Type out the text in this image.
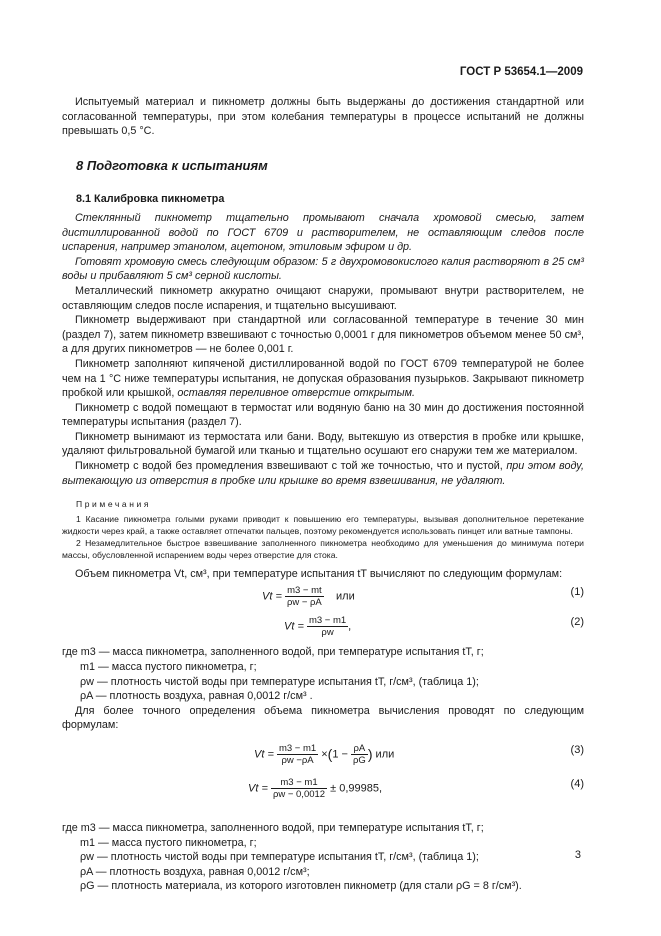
ГОСТ Р 53654.1—2009

Испытуемый материал и пикнометр должны быть выдержаны до достижения стандартной или согласованной температуры, при этом колебания температуры в процессе испытаний не должны превышать 0,5 °С.

8 Подготовка к испытаниям

8.1 Калибровка пикнометра

Стеклянный пикнометр тщательно промывают сначала хромовой смесью, затем дистиллированной водой по ГОСТ 6709 и растворителем, не оставляющим следов после испарения, например этанолом, ацетоном, этиловым эфиром и др.

Готовят хромовую смесь следующим образом: 5 г двухромовокислого калия растворяют в 25 см³ воды и прибавляют 5 см³ серной кислоты.

Металлический пикнометр аккуратно очищают снаружи, промывают внутри растворителем, не оставляющим следов после испарения, и тщательно высушивают.

Пикнометр выдерживают при стандартной или согласованной температуре в течение 30 мин (раздел 7), затем пикнометр взвешивают с точностью 0,0001 г для пикнометров объемом менее 50 см³, а для других пикнометров — не более 0,001 г.

Пикнометр заполняют кипяченой дистиллированной водой по ГОСТ 6709 температурой не более чем на 1 °С ниже температуры испытания, не допуская образования пузырьков. Закрывают пикнометр пробкой или крышкой, оставляя переливное отверстие открытым.

Пикнометр с водой помещают в термостат или водяную баню на 30 мин до достижения постоянной температуры испытания (раздел 7).

Пикнометр вынимают из термостата или бани. Воду, вытекшую из отверстия в пробке или крышке, удаляют фильтровальной бумагой или тканью и тщательно осушают его снаружи тем же материалом.

Пикнометр с водой без промедления взвешивают с той же точностью, что и пустой, при этом воду, вытекающую из отверстия в пробке или крышке во время взвешивания, не удаляют.

Примечания

1 Касание пикнометра голыми руками приводит к повышению его температуры, вызывая дополнительное перетекание жидкости через край, а также оставляет отпечатки пальцев, поэтому рекомендуется использовать пинцет или ватные тампоны.

2 Незамедлительное быстрое взвешивание заполненного пикнометра необходимо для уменьшения до минимума потери массы, обусловленной испарением воды через отверстие для стока.

Объем пикнометра Vt, см³, при температуре испытания tT вычисляют по следующим формулам:

$Vt = \frac{m3 - mt}{\rho w - \rho A}$ или	(1)
$Vt = \frac{m3 - m1}{\rho w}$ ,	(2)
где m3 — масса пикнометра, заполненного водой, при температуре испытания tT, г;
m1 — масса пустого пикнометра, г;
ρw — плотность чистой воды при температуре испытания tT, г/см³, (таблица 1);
ρA — плотность воздуха, равная 0,0012 г/см³ .

Для более точного определения объема пикнометра вычисления проводят по следующим формулам:

$Vt = \frac{m3 - m1}{\rho w -\rho A} \times(1 - \frac{\rho A}{\rho G}$ ) или	(3)
$Vt = \frac{m3 - m1}{\rho w - 0,0012} \pm 0,99985$,	(4)
где m3 — масса пикнометра, заполненного водой, при температуре испытания tT, г;
m1 — масса пустого пикнометра, г;
ρw — плотность чистой воды при температуре испытания tT, г/см³, (таблица 1);
ρA — плотность воздуха, равная 0,0012 г/см³;
ρG — плотность материала, из которого изготовлен пикнометр (для стали ρG = 8 г/см³).
3
